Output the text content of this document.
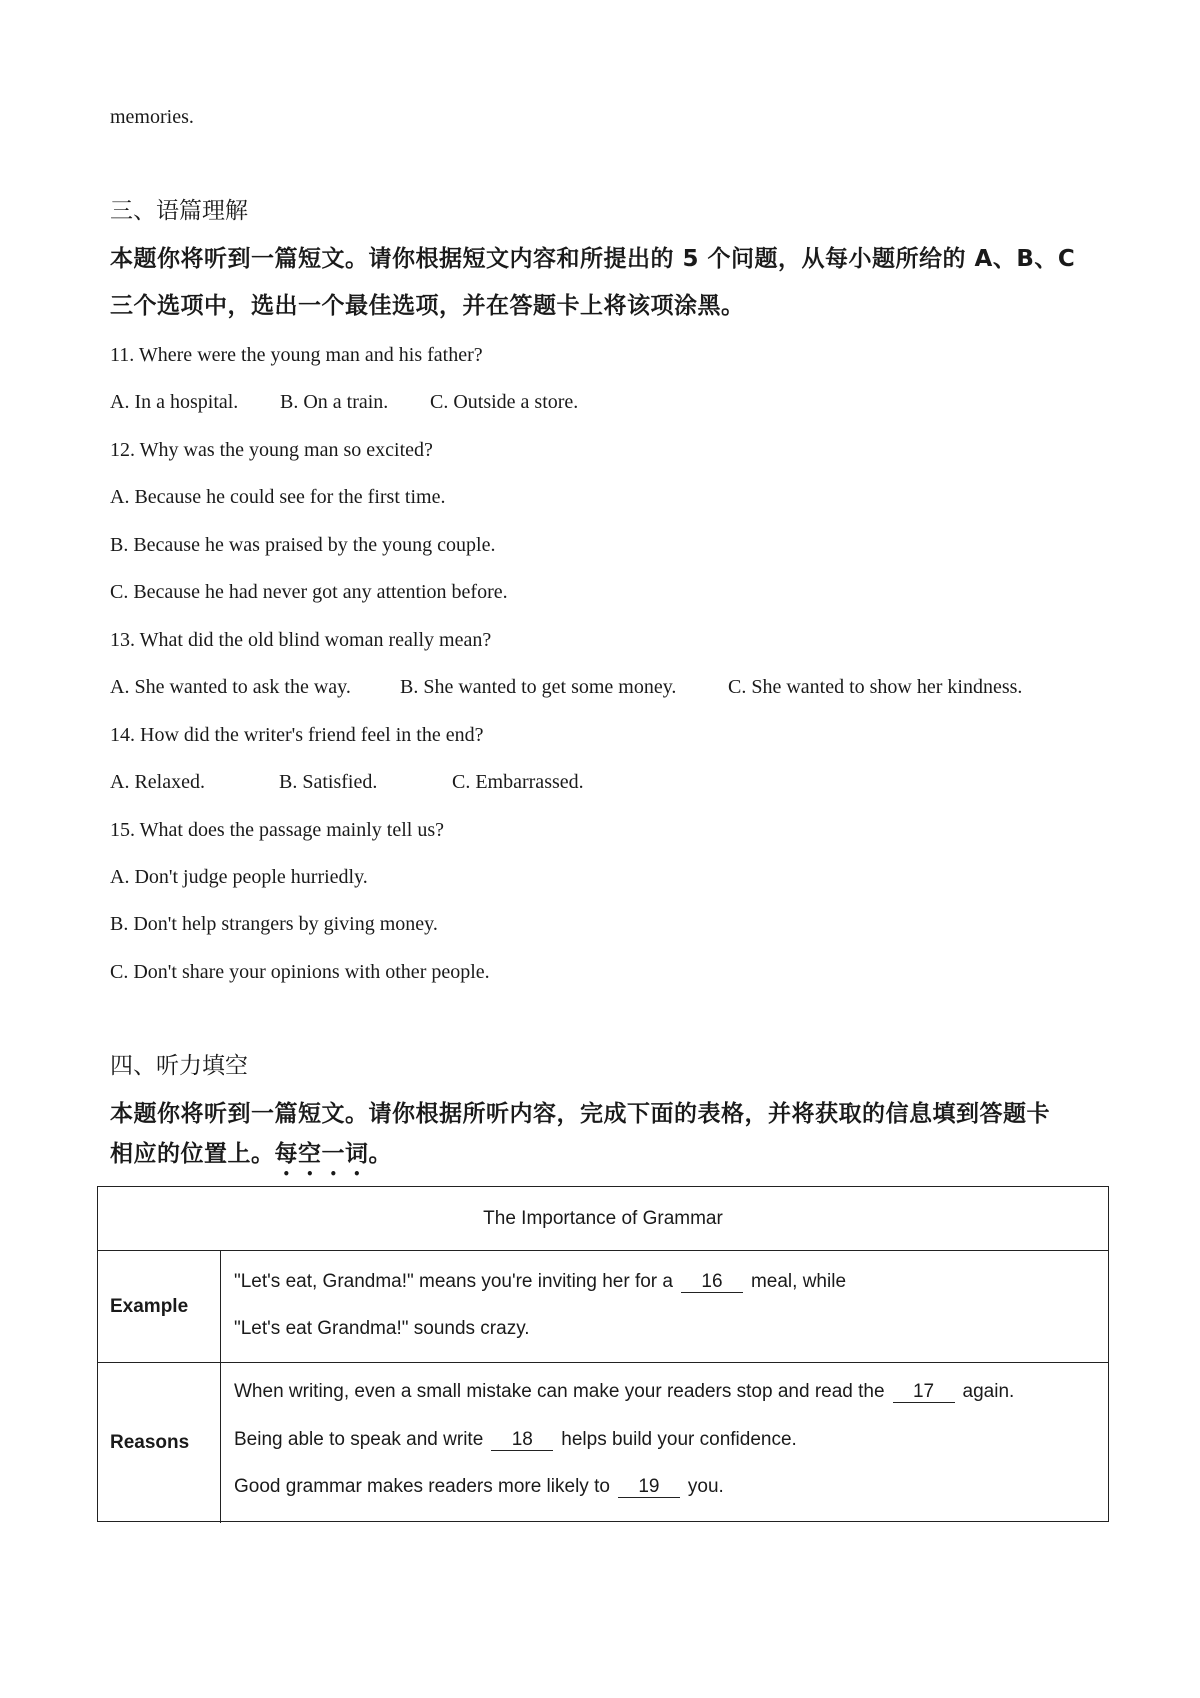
memories.
三、语篇理解
本题你将听到一篇短文。请你根据短文内容和所提出的 5 个问题，从每小题所给的 A、B、C
三个选项中，选出一个最佳选项，并在答题卡上将该项涂黑。
11. Where were the young man and his father?
A. In a hospital. B. On a train. C. Outside a store.
12. Why was the young man so excited?
A. Because he could see for the first time.
B. Because he was praised by the young couple.
C. Because he had never got any attention before.
13. What did the old blind woman really mean?
A. She wanted to ask the way. B. She wanted to get some money.	C. She wanted to show her kindness.
14. How did the writer's friend feel in the end?
A. Relaxed.	B. Satisfied.	C. Embarrassed.
15. What does the passage mainly tell us?
A. Don't judge people hurriedly.
B. Don't help strangers by giving money.
C. Don't share your opinions with other people.
四、听力填空
本题你将听到一篇短文。请你根据所听内容，完成下面的表格，并将获取的信息填到答题卡
相应的位置上。每空一词。
The Importance of Grammar
Example
"Let's eat, Grandma!" means you're inviting her for a 16 meal, while
"Let's eat Grandma!" sounds crazy.
Reasons
When writing, even a small mistake can make your readers stop and read the 17 again.
Being able to speak and write 18 helps build your confidence.
Good grammar makes readers more likely to 19 you.
